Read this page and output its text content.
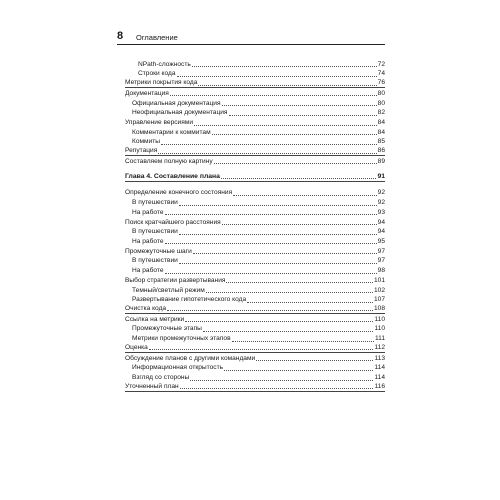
8 Оглавление
NPath-сложность	72
Строки кода	74
Метрики покрытия кода	76
Документация	80
Официальная документация	80
Неофициальная документация	82
Управление версиями	84
Комментарии к коммитам	84
Коммиты	85
Репутация	86
Составляем полную картину	89
Глава 4. Составление плана	91
Определение конечного состояния	92
В путешествии	92
На работе	93
Поиск кратчайшего расстояния	94
В путешествии	94
На работе	95
Промежуточные шаги	97
В путешествии	97
На работе	98
Выбор стратегии развертывания	101
Темный/светлый режим	102
Развертывание гипотетического кода	107
Очистка кода	108
Ссылка на метрики	110
Промежуточные этапы	110
Метрики промежуточных этапов	111
Оценка	112
Обсуждение планов с другими командами	113
Информационная открытость	114
Взгляд со стороны	114
Уточненный план	116
